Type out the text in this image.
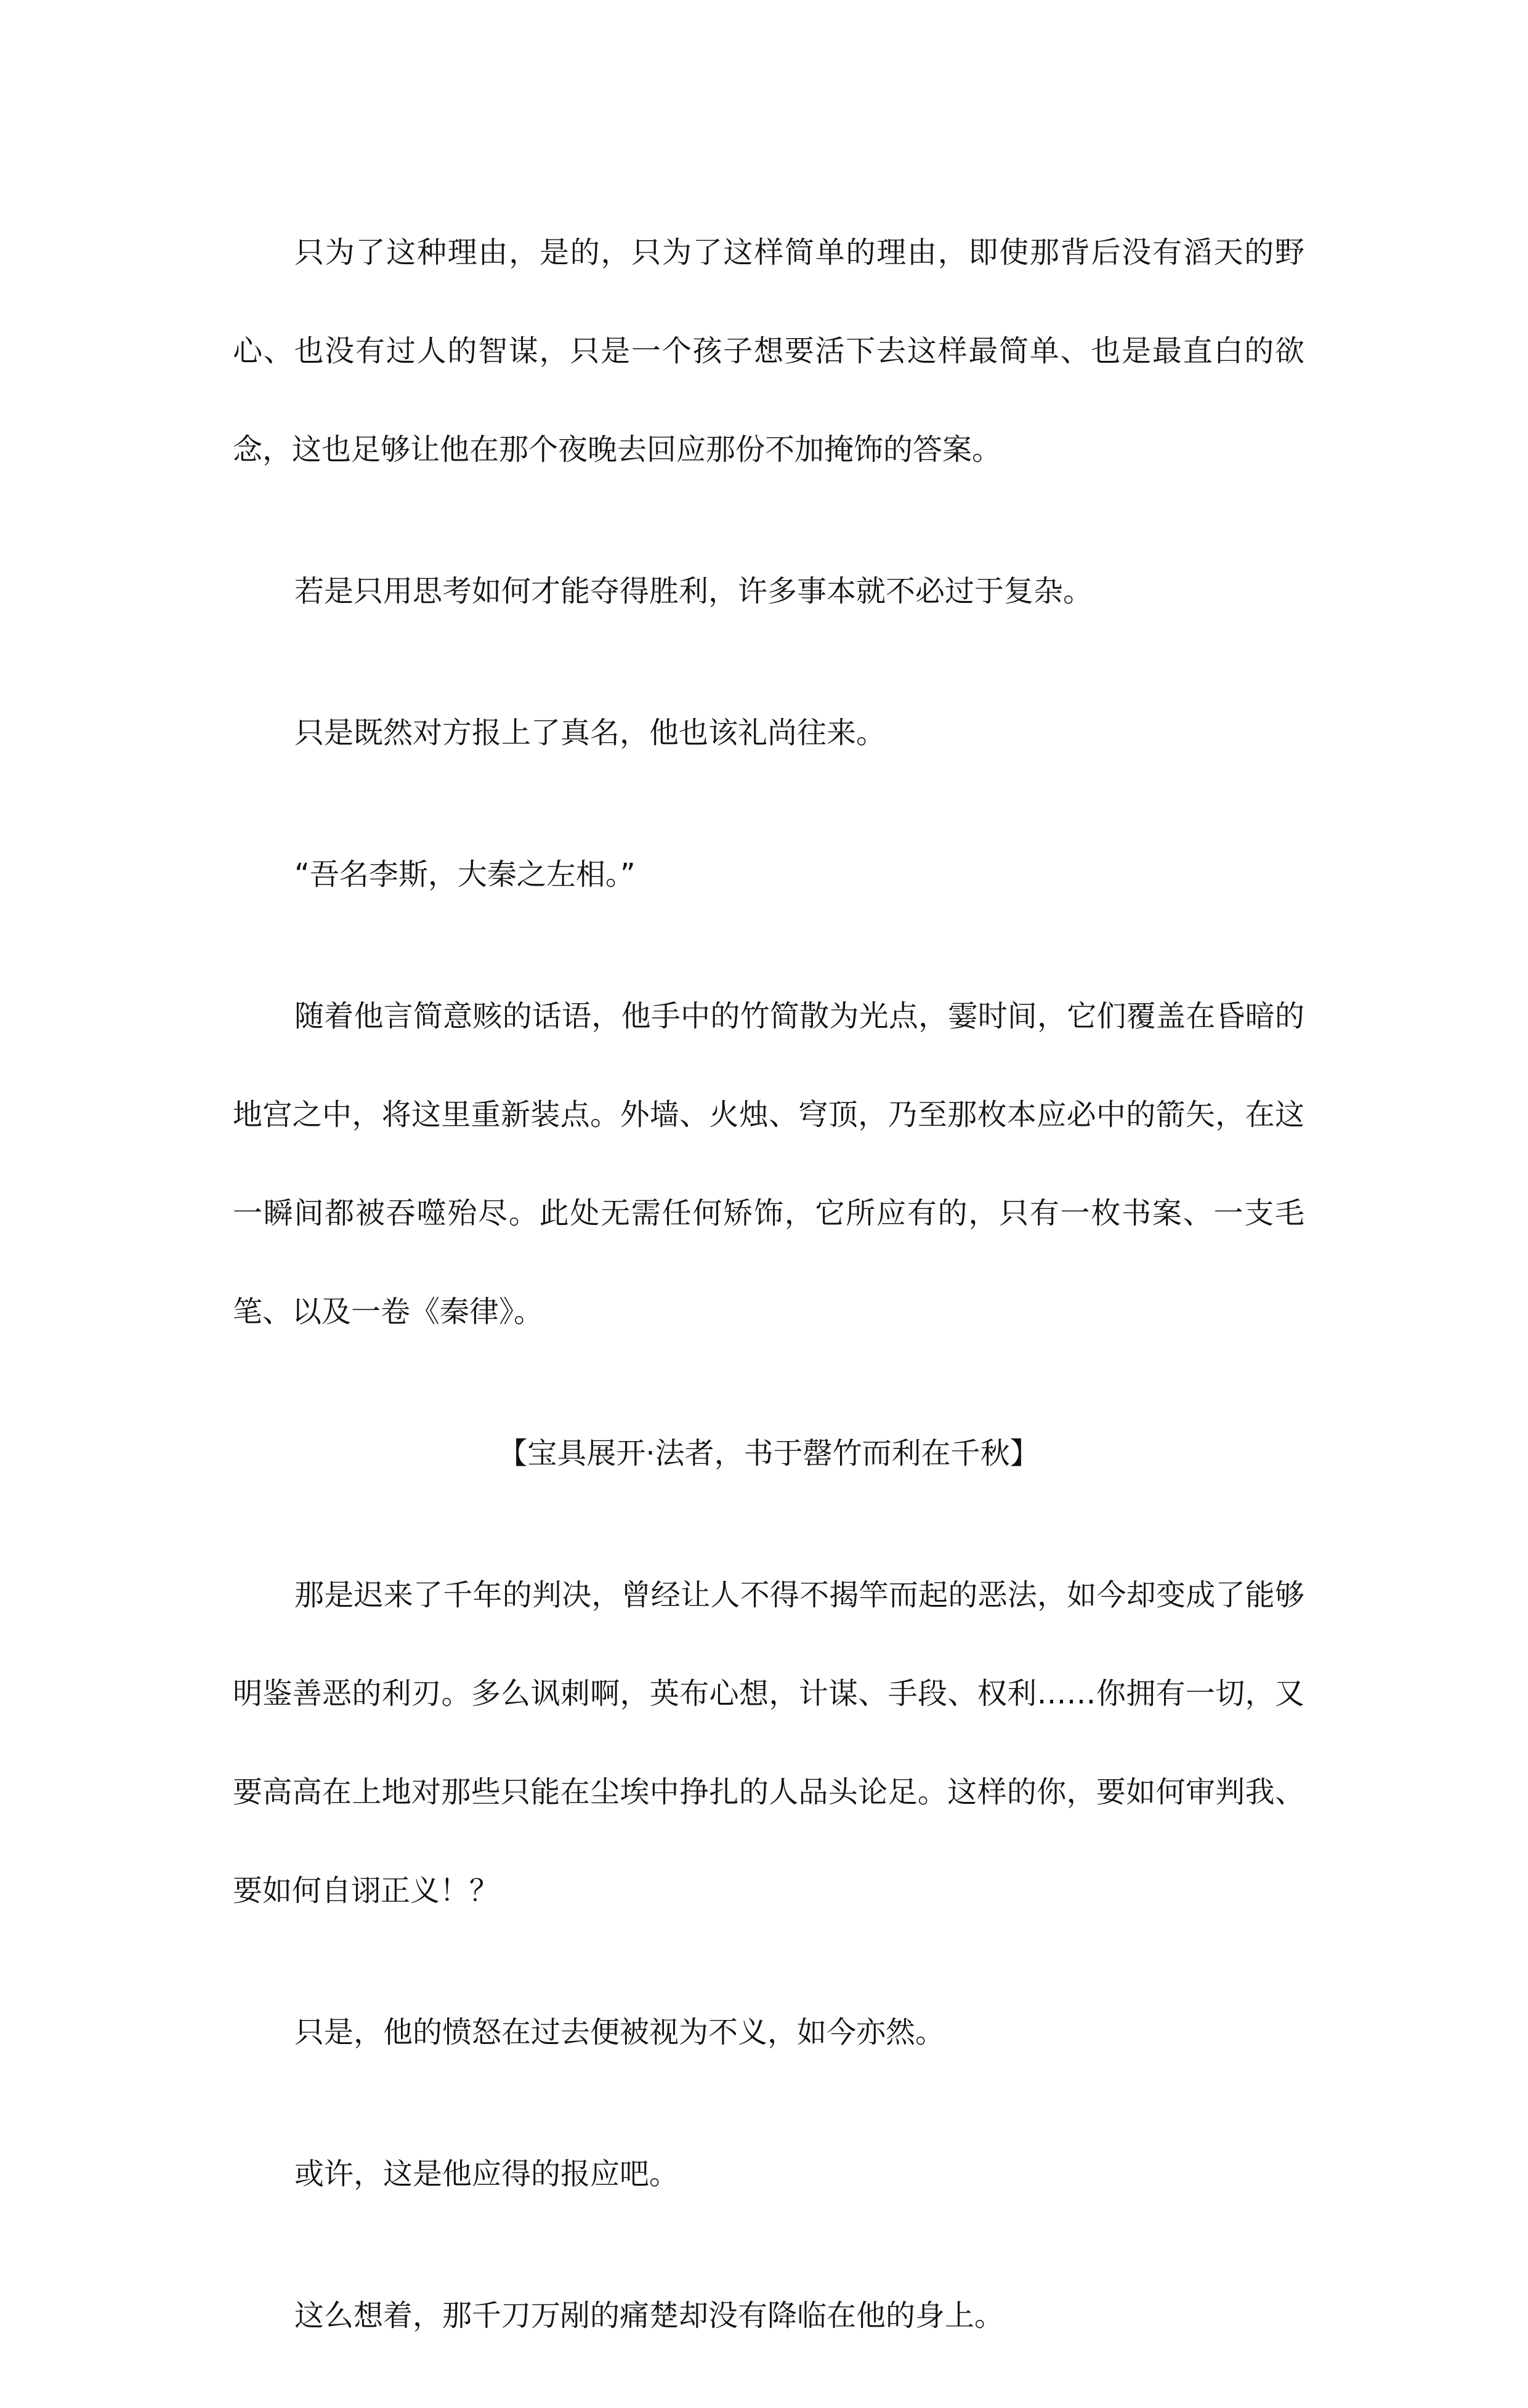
只为了这种理由，是的，只为了这样简单的理由，即使那背后没有滔天的野心、也没有过人的智谋，只是一个孩子想要活下去这样最简单、也是最直白的欲念，这也足够让他在那个夜晚去回应那份不加掩饰的答案。

若是只用思考如何才能夺得胜利，许多事本就不必过于复杂。

只是既然对方报上了真名，他也该礼尚往来。

“吾名李斯，大秦之左相。”

随着他言简意赅的话语，他手中的竹简散为光点，霎时间，它们覆盖在昏暗的地宫之中，将这里重新装点。外墙、火烛、穹顶，乃至那枚本应必中的箭矢，在这一瞬间都被吞噬殆尽。此处无需任何矫饰，它所应有的，只有一枚书案、一支毛笔、以及一卷《秦律》。

【宝具展开·法者，书于罄竹而利在千秋】

那是迟来了千年的判决，曾经让人不得不揭竿而起的恶法，如今却变成了能够明鉴善恶的利刃。多么讽刺啊，英布心想，计谋、手段、权利……你拥有一切，又要高高在上地对那些只能在尘埃中挣扎的人品头论足。这样的你，要如何审判我、要如何自诩正义！？

只是，他的愤怒在过去便被视为不义，如今亦然。

或许，这是他应得的报应吧。

这么想着，那千刀万剐的痛楚却没有降临在他的身上。
